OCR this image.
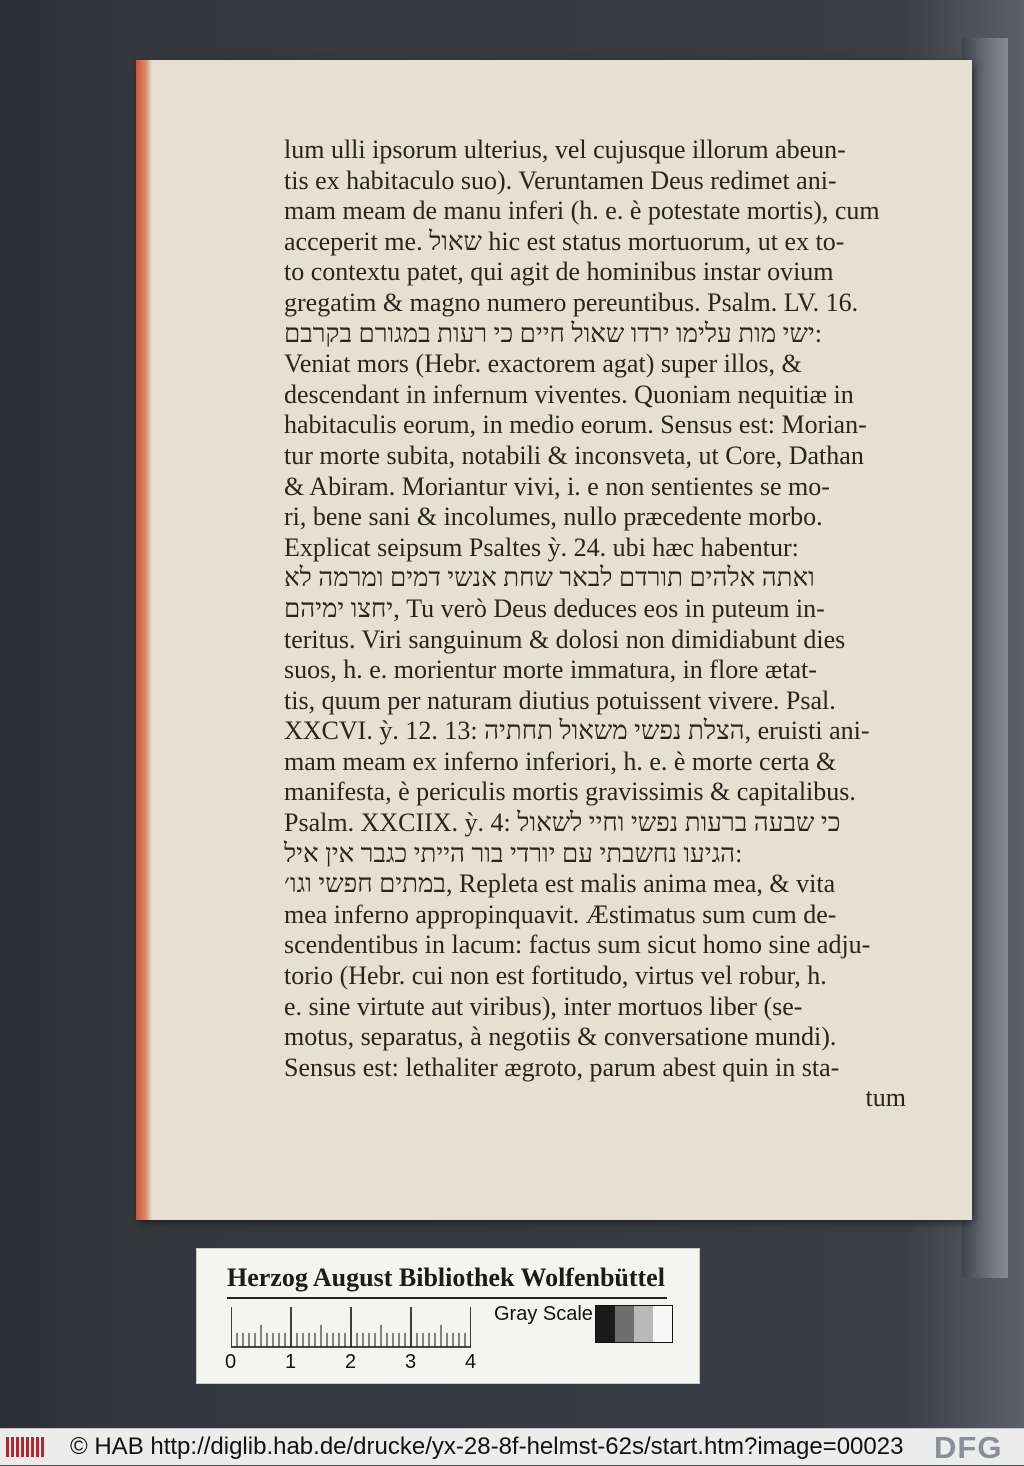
lum ulli ipsorum ulterius, vel cujusque illorum abeun-
tis ex habitaculo suo). Veruntamen Deus redimet ani-
mam meam de manu inferi (h. e. è potestate mortis), cum
acceperit me. שאול hic est status mortuorum, ut ex to-
to contextu patet, qui agit de hominibus instar ovium
gregatim & magno numero pereuntibus. Psalm. LV. 16.
ישי מות עלימו ירדו שאול חיים כי רעות במגורם בקרבם:
Veniat mors (Hebr. exactorem agat) super illos, &
descendant in infernum viventes. Quoniam nequitiæ in
habitaculis eorum, in medio eorum. Sensus est: Morian-
tur morte subita, notabili & inconsveta, ut Core, Dathan
& Abiram. Moriantur vivi, i. e non sentientes se mo-
ri, bene sani & incolumes, nullo præcedente morbo.
Explicat seipsum Psaltes ỳ. 24. ubi hæc habentur:
ואתה אלהים תורדם לבאר שחת אנשי דמים ומרמה לא
יחצו ימיהם, Tu verò Deus deduces eos in puteum in-
teritus. Viri sanguinum & dolosi non dimidiabunt dies
suos, h. e. morientur morte immatura, in flore ætat-
tis, quum per naturam diutius potuissent vivere. Psal.
XXCVI. ỳ. 12. 13: הצלת נפשי משאול תחתיה, eruisti ani-
mam meam ex inferno inferiori, h. e. è morte certa &
manifesta, è periculis mortis gravissimis & capitalibus.
Psalm. XXCIIX. ỳ. 4: כי שבעה ברעות נפשי וחיי לשאול
הגיעו נחשבתי עם יורדי בור הייתי כגבר אין איל:
במתים חפשי וגו׳, Repleta est malis anima mea, & vita
mea inferno appropinquavit. Æstimatus sum cum de-
scendentibus in lacum: factus sum sicut homo sine adju-
torio (Hebr. cui non est fortitudo, virtus vel robur, h.
e. sine virtute aut viribus), inter mortuos liber (se-
motus, separatus, à negotiis & conversatione mundi).
Sensus est: lethaliter ægroto, parum abest quin in sta-
tum
Herzog August Bibliothek Wolfenbüttel
0 1 2 3 4
Gray Scale
© HAB http://diglib.hab.de/drucke/yx-28-8f-helmst-62s/start.htm?image=00023 DFG
